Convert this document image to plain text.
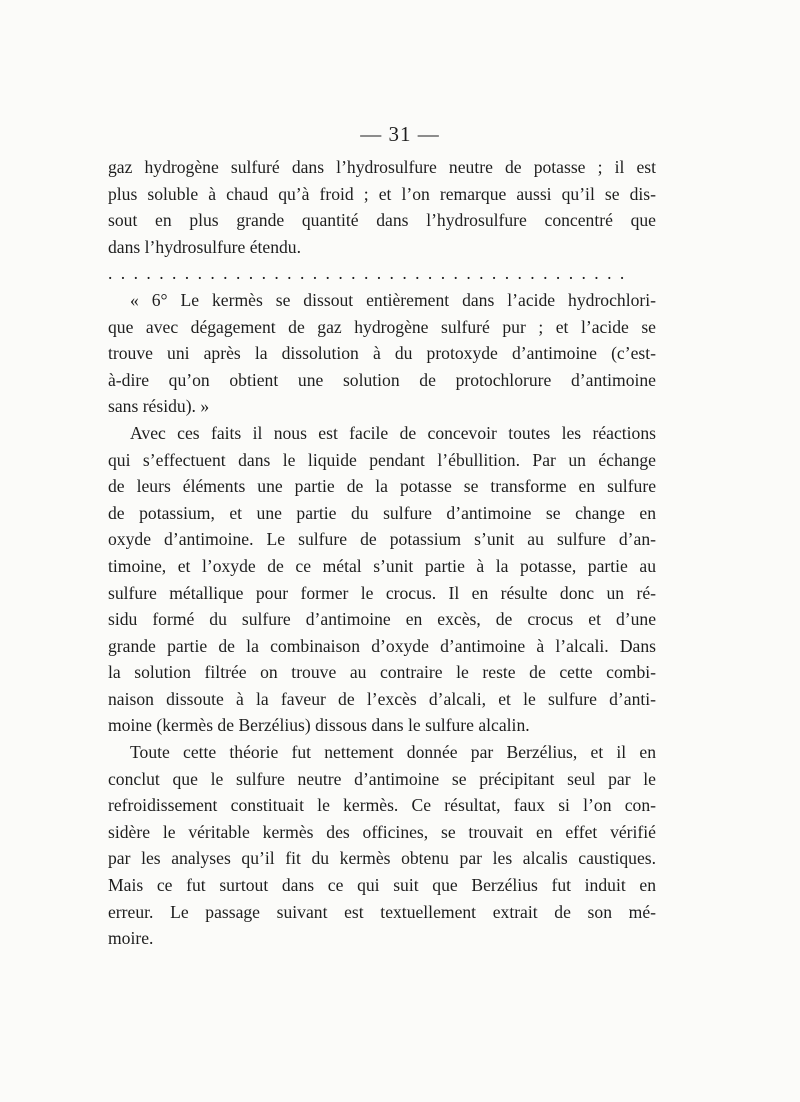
— 31 —

gaz hydrogène sulfuré dans l’hydrosulfure neutre de potasse ; il est
plus soluble à chaud qu’à froid ; et l’on remarque aussi qu’il se dis-
sout en plus grande quantité dans l’hydrosulfure concentré que
dans l’hydrosulfure étendu.

. . . . . . . . . . . . . . . . . . . . . . . . . . . . . . . . . . . . . . . . .

« 6° Le kermès se dissout entièrement dans l’acide hydrochlori-
que avec dégagement de gaz hydrogène sulfuré pur ; et l’acide se
trouve uni après la dissolution à du protoxyde d’antimoine (c’est-
à-dire qu’on obtient une solution de protochlorure d’antimoine
sans résidu). »

Avec ces faits il nous est facile de concevoir toutes les réactions
qui s’effectuent dans le liquide pendant l’ébullition. Par un échange
de leurs éléments une partie de la potasse se transforme en sulfure
de potassium, et une partie du sulfure d’antimoine se change en
oxyde d’antimoine. Le sulfure de potassium s’unit au sulfure d’an-
timoine, et l’oxyde de ce métal s’unit partie à la potasse, partie au
sulfure métallique pour former le crocus. Il en résulte donc un ré-
sidu formé du sulfure d’antimoine en excès, de crocus et d’une
grande partie de la combinaison d’oxyde d’antimoine à l’alcali. Dans
la solution filtrée on trouve au contraire le reste de cette combi-
naison dissoute à la faveur de l’excès d’alcali, et le sulfure d’anti-
moine (kermès de Berzélius) dissous dans le sulfure alcalin.

Toute cette théorie fut nettement donnée par Berzélius, et il en
conclut que le sulfure neutre d’antimoine se précipitant seul par le
refroidissement constituait le kermès. Ce résultat, faux si l’on con-
sidère le véritable kermès des officines, se trouvait en effet vérifié
par les analyses qu’il fit du kermès obtenu par les alcalis caustiques.
Mais ce fut surtout dans ce qui suit que Berzélius fut induit en
erreur. Le passage suivant est textuellement extrait de son mé-
moire.
